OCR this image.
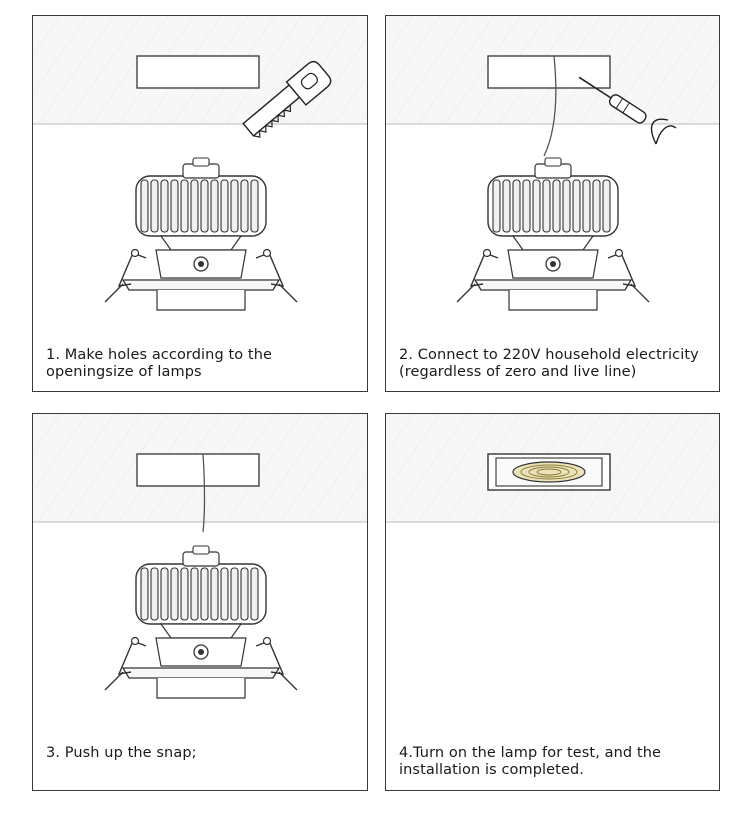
1. Make holes according to the openingsize of lamps
2. Connect to 220V household electricity (regardless of zero and live line)
3. Push up the snap;	4.Turn on the lamp for test, and the installation is completed.
